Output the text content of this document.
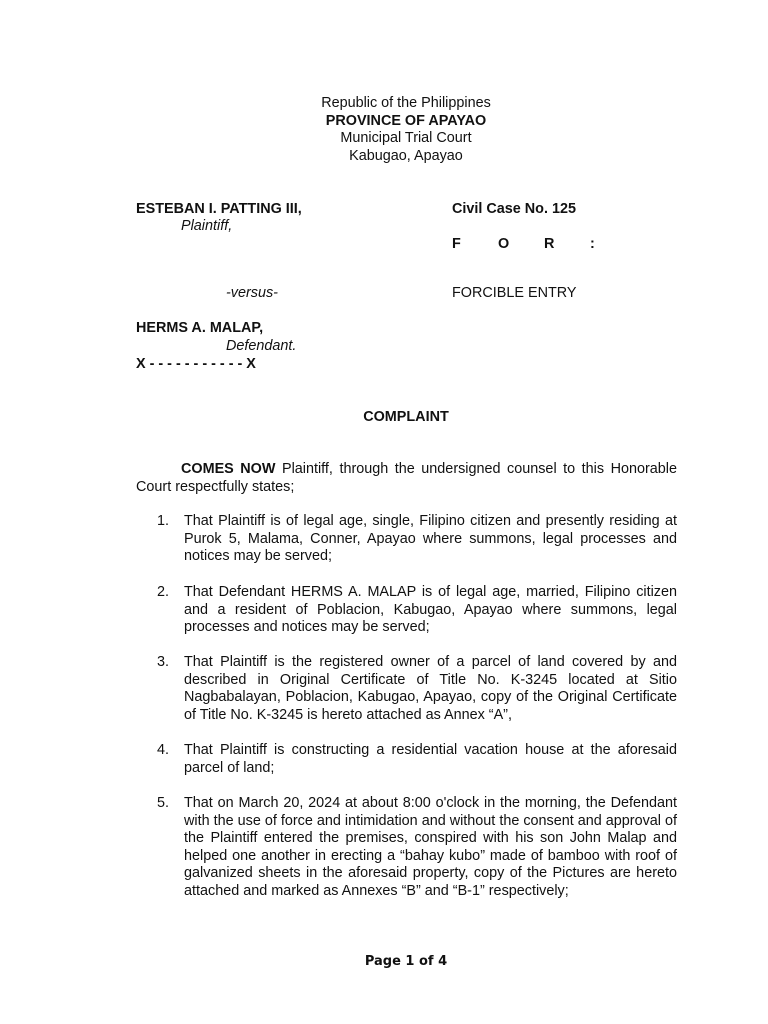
Republic of the Philippines
PROVINCE OF APAYAO
Municipal Trial Court
Kabugao, Apayao
ESTEBAN I. PATTING III,
Plaintiff,
-versus-
HERMS A. MALAP,
Defendant.
X - - - - - - - - - - - X
Civil Case No. 125
F	O R :
FORCIBLE ENTRY
COMPLAINT
COMES NOW Plaintiff, through the undersigned counsel to this Honorable Court respectfully states;
1. That Plaintiff is of legal age, single, Filipino citizen and presently residing at Purok 5, Malama, Conner, Apayao where summons, legal processes and notices may be served;
2. That Defendant HERMS A. MALAP is of legal age, married, Filipino citizen and a resident of Poblacion, Kabugao, Apayao where summons, legal processes and notices may be served;
3. That Plaintiff is the registered owner of a parcel of land covered by and described in Original Certificate of Title No. K-3245 located at Sitio Nagbabalayan, Poblacion, Kabugao, Apayao, copy of the Original Certificate of Title No. K-3245 is hereto attached as Annex “A”,
4. That Plaintiff is constructing a residential vacation house at the aforesaid parcel of land;
5. That on March 20, 2024 at about 8:00 o'clock in the morning, the Defendant with the use of force and intimidation and without the consent and approval of the Plaintiff entered the premises, conspired with his son John Malap and helped one another in erecting a “bahay kubo” made of bamboo with roof of galvanized sheets in the aforesaid property, copy of the Pictures are hereto attached and marked as Annexes “B” and “B-1” respectively;
Page 1 of 4
